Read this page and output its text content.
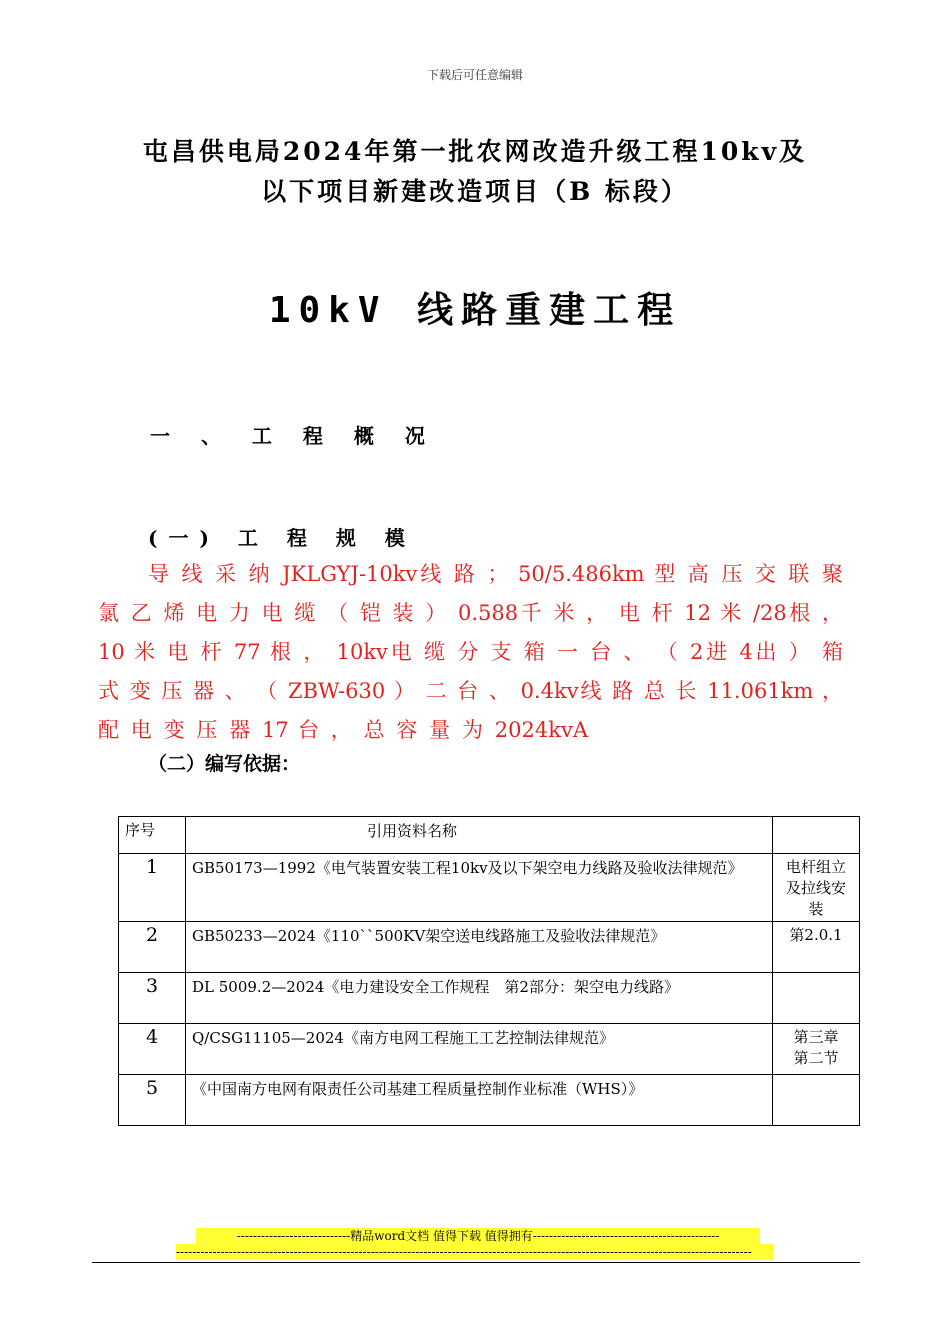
下载后可任意编辑
屯昌供电局2024年第一批农网改造升级工程10kv及
以下项目新建改造项目（B 标段）
10kV 线路重建工程
一 、 工 程 概 况
(一) 工 程 规 模
导 线 采 纳 JKLGYJ-10kv线 路 ； 50/5.486km 型 高 压 交 联 聚
氯 乙 烯 电 力 电 缆 （ 铠 装 ） 0.588千 米 ， 电 杆 12 米 /28根 ，
10 米 电 杆 77 根 ， 10kv电 缆 分 支 箱 一 台 、 （ 2进 4出 ） 箱
式 变 压 器 、 （ ZBW-630 ） 二 台 、 0.4kv线 路 总 长 11.061km ，
配 电 变 压 器 17 台 ， 总 容 量 为 2024kvA
（二）编写依据：
序号	引用资料名称	
1	GB50173—1992《电气装置安装工程10kv及以下架空电力线路及验收法律规范》	电杆组立及拉线安装
2	GB50233—2024《110``500KV架空送电线路施工及验收法律规范》	第2.0.1
3	DL 5009.2—2024《电力建设安全工作规程　第2部分：架空电力线路》	
4	Q/CSG11105—2024《南方电网工程施工工艺控制法律规范》	第三章　第二节
5	《中国南方电网有限责任公司基建工程质量控制作业标准（WHS）》	
----------------------------精品word文档 值得下载 值得拥有----------------------------------------------
----------------------------------------------------------------------------------------------------------------------------------------------
